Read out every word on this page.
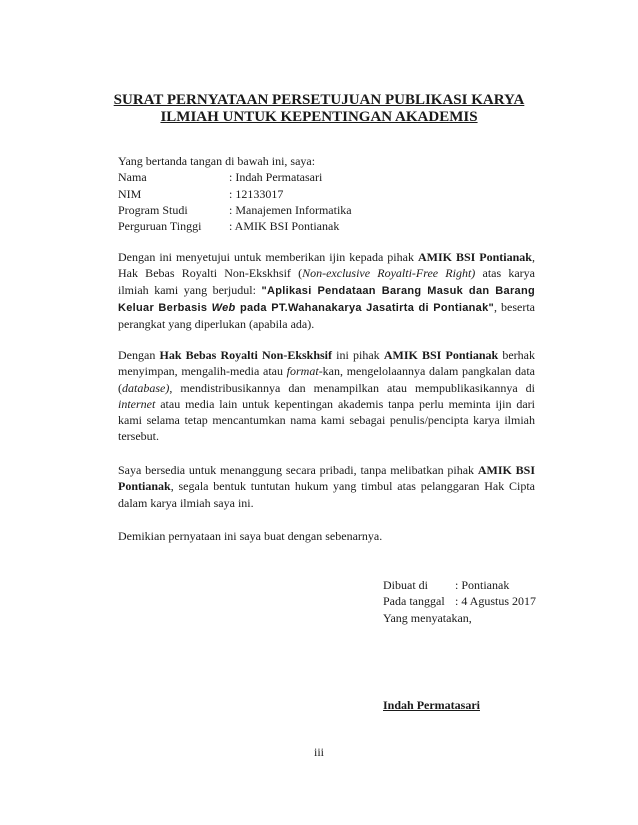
SURAT PERNYATAAN PERSETUJUAN PUBLIKASI KARYA
ILMIAH UNTUK KEPENTINGAN AKADEMIS
Yang bertanda tangan di bawah ini, saya:
Nama	: Indah Permatasari
NIM	: 12133017
Program Studi	: Manajemen Informatika
Perguruan Tinggi	: AMIK BSI Pontianak
Dengan ini menyetujui untuk memberikan ijin kepada pihak AMIK BSI Pontianak, Hak Bebas Royalti Non-Ekskhsif (Non-exclusive Royalti-Free Right) atas karya ilmiah kami yang berjudul: "Aplikasi Pendataan Barang Masuk dan Barang Keluar Berbasis Web pada PT.Wahanakarya Jasatirta di Pontianak", beserta perangkat yang diperlukan (apabila ada).
Dengan Hak Bebas Royalti Non-Ekskhsif ini pihak AMIK BSI Pontianak berhak menyimpan, mengalih-media atau format-kan, mengelolaannya dalam pangkalan data (database), mendistribusikannya dan menampilkan atau mempublikasikannya di internet atau media lain untuk kepentingan akademis tanpa perlu meminta ijin dari kami selama tetap mencantumkan nama kami sebagai penulis/pencipta karya ilmiah tersebut.
Saya bersedia untuk menanggung secara pribadi, tanpa melibatkan pihak AMIK BSI Pontianak, segala bentuk tuntutan hukum yang timbul atas pelanggaran Hak Cipta dalam karya ilmiah saya ini.
Demikian pernyataan ini saya buat dengan sebenarnya.
Dibuat di	: Pontianak
Pada tanggal : 4 Agustus 2017
Yang menyatakan,
Indah Permatasari
iii
